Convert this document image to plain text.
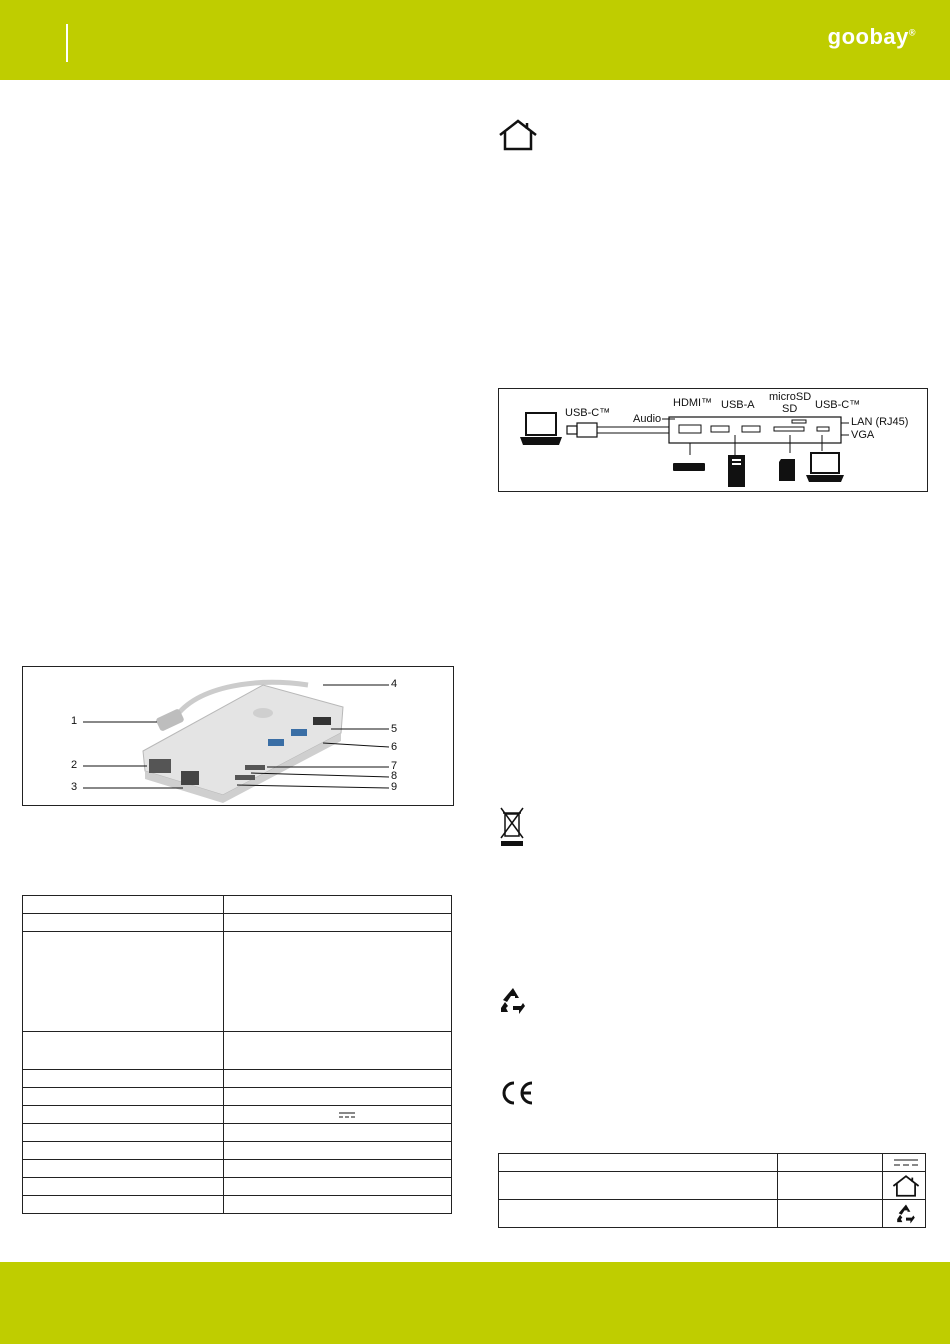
goobay®
HDMI™ USB-A
microSD
SD USB-C™
USB-C™ Audio	LAN (RJ45)
VGA
1
2
3
4
5
6
7
8
9
